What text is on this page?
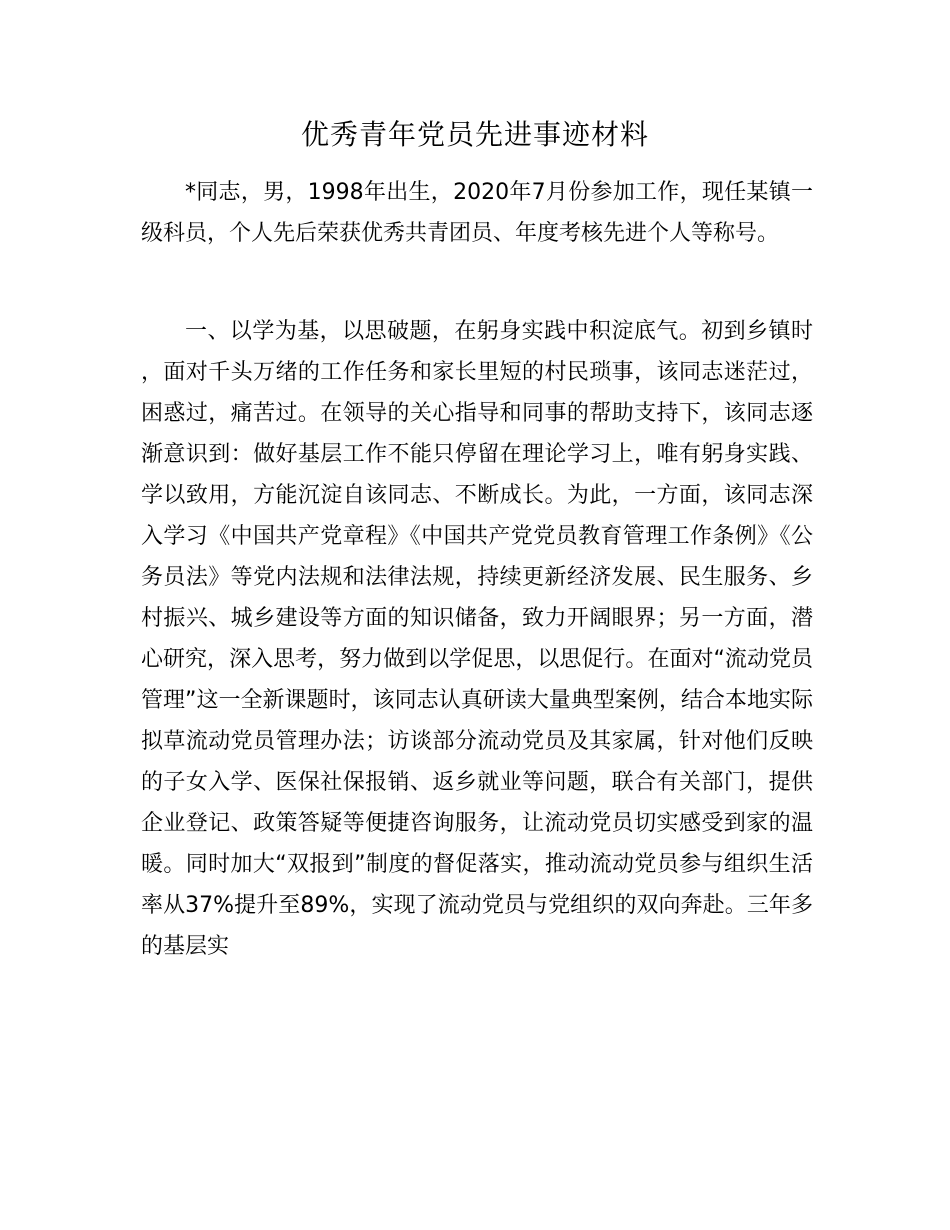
优秀青年党员先进事迹材料

*同志，男，1998年出生，2020年7月份参加工作，现任某镇一级科员，个人先后荣获优秀共青团员、年度考核先进个人等称号。

一、以学为基，以思破题，在躬身实践中积淀底气。初到乡镇时，面对千头万绪的工作任务和家长里短的村民琐事，该同志迷茫过，困惑过，痛苦过。在领导的关心指导和同事的帮助支持下，该同志逐渐意识到：做好基层工作不能只停留在理论学习上，唯有躬身实践、学以致用，方能沉淀自该同志、不断成长。为此，一方面，该同志深入学习《中国共产党章程》《中国共产党党员教育管理工作条例》《公务员法》等党内法规和法律法规，持续更新经济发展、民生服务、乡村振兴、城乡建设等方面的知识储备，致力开阔眼界；另一方面，潜心研究，深入思考，努力做到以学促思，以思促行。在面对“流动党员管理”这一全新课题时，该同志认真研读大量典型案例，结合本地实际拟草流动党员管理办法；访谈部分流动党员及其家属，针对他们反映的子女入学、医保社保报销、返乡就业等问题，联合有关部门，提供企业登记、政策答疑等便捷咨询服务，让流动党员切实感受到家的温暖。同时加大“双报到”制度的督促落实，推动流动党员参与组织生活率从37%提升至89%，实现了流动党员与党组织的双向奔赴。三年多的基层实
